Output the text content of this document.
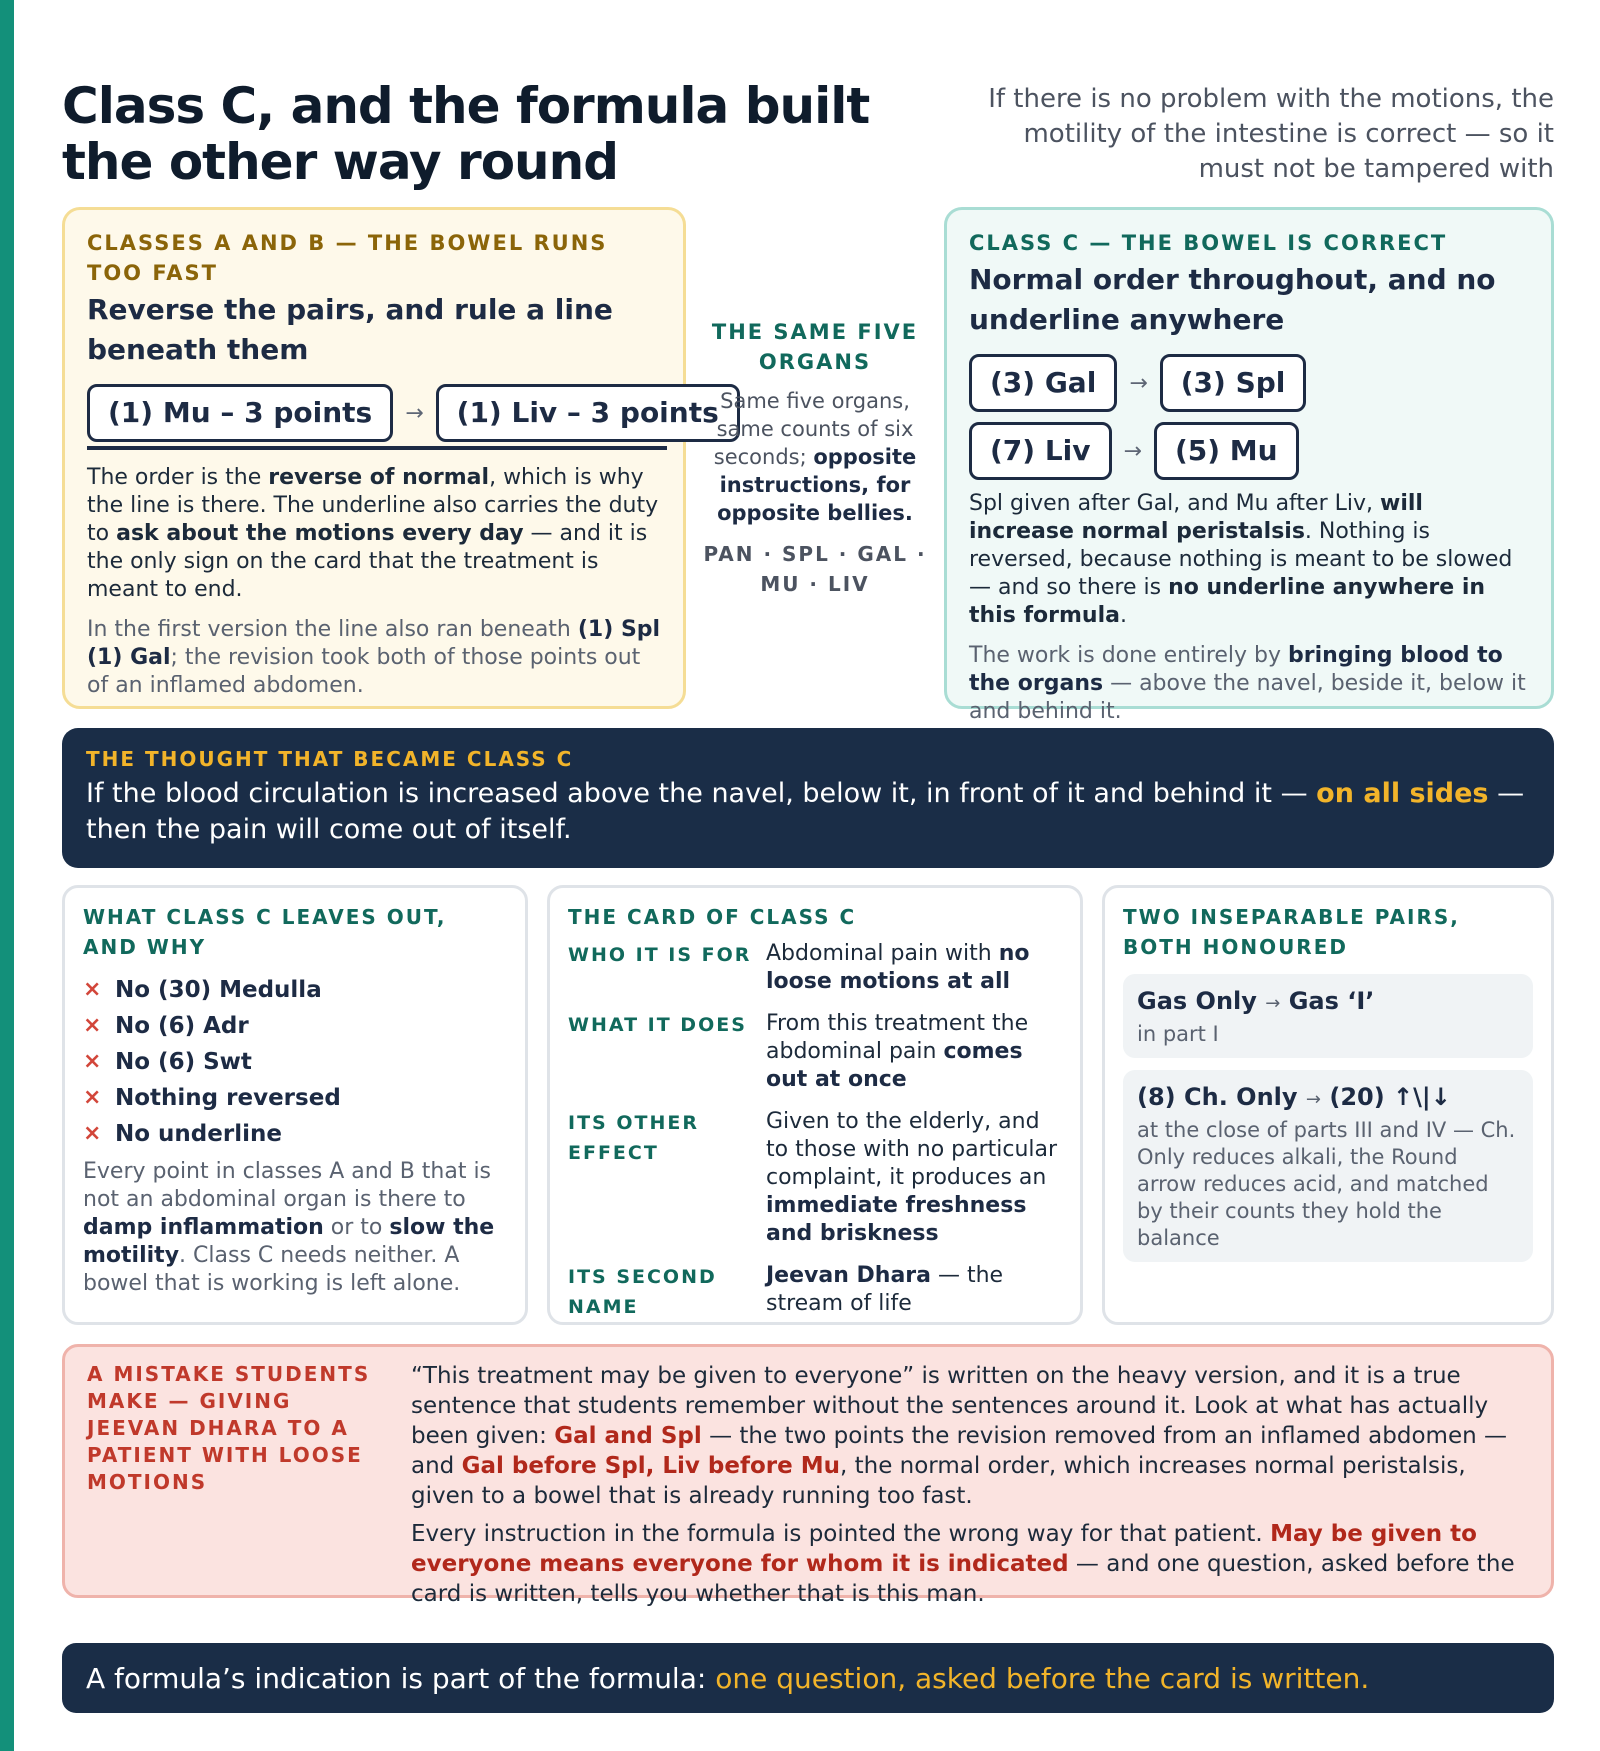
Class C, and the formula built the other way round

If there is no problem with the motions, the motility of the intestine is correct — so it must not be tampered with

CLASSES A AND B — THE BOWEL RUNS TOO FAST
Reverse the pairs, and rule a line beneath them
(1) Mu – 3 points	→	(1) Liv – 3 points

The order is the reverse of normal, which is why the line is there. The underline also carries the duty to ask about the motions every day — and it is the only sign on the card that the treatment is meant to end.

In the first version the line also ran beneath (1) Spl (1) Gal; the revision took both of those points out of an inflamed abdomen.

THE SAME FIVE ORGANS

Same five organs, same counts of six seconds; opposite instructions, for opposite bellies.

PAN · SPL · GAL · MU · LIV
CLASS C — THE BOWEL IS CORRECT
Normal order throughout, and no underline anywhere
(3) Gal	→	(3) Spl
(7) Liv	→	(5) Mu

Spl given after Gal, and Mu after Liv, will increase normal peristalsis. Nothing is reversed, because nothing is meant to be slowed — and so there is no underline anywhere in this formula.

The work is done entirely by bringing blood to the organs — above the navel, beside it, below it and behind it.

THE THOUGHT THAT BECAME CLASS C

If the blood circulation is increased above the navel, below it, in front of it and behind it — on all sides — then the pain will come out of itself.

WHAT CLASS C LEAVES OUT, AND WHY
× No (30) Medulla
× No (6) Adr
× No (6) Swt
× Nothing reversed
× No underline

Every point in classes A and B that is not an abdominal organ is there to damp inflammation or to slow the motility. Class C needs neither. A bowel that is working is left alone.

THE CARD OF CLASS C
WHO IT IS FOR Abdominal pain with no loose motions at all
WHAT IT DOES From this treatment the abdominal pain comes out at once
ITS OTHER EFFECT
Given to the elderly, and to those with no particular complaint, it produces an immediate freshness and briskness
ITS SECOND NAME
Jeevan Dhara — the stream of life
TWO INSEPARABLE PAIRS, BOTH HONOURED
Gas Only → Gas ‘I’
in part I
(8) Ch. Only → (20) ↑\|↓
at the close of parts III and IV — Ch. Only reduces alkali, the Round arrow reduces acid, and matched by their counts they hold the balance
A MISTAKE STUDENTS MAKE — GIVING JEEVAN DHARA TO A PATIENT WITH LOOSE MOTIONS

“This treatment may be given to everyone” is written on the heavy version, and it is a true sentence that students remember without the sentences around it. Look at what has actually been given: Gal and Spl — the two points the revision removed from an inflamed abdomen — and Gal before Spl, Liv before Mu, the normal order, which increases normal peristalsis, given to a bowel that is already running too fast.

Every instruction in the formula is pointed the wrong way for that patient. May be given to everyone means everyone for whom it is indicated — and one question, asked before the card is written, tells you whether that is this man.

A formula’s indication is part of the formula:
one question, asked before the card is written.
